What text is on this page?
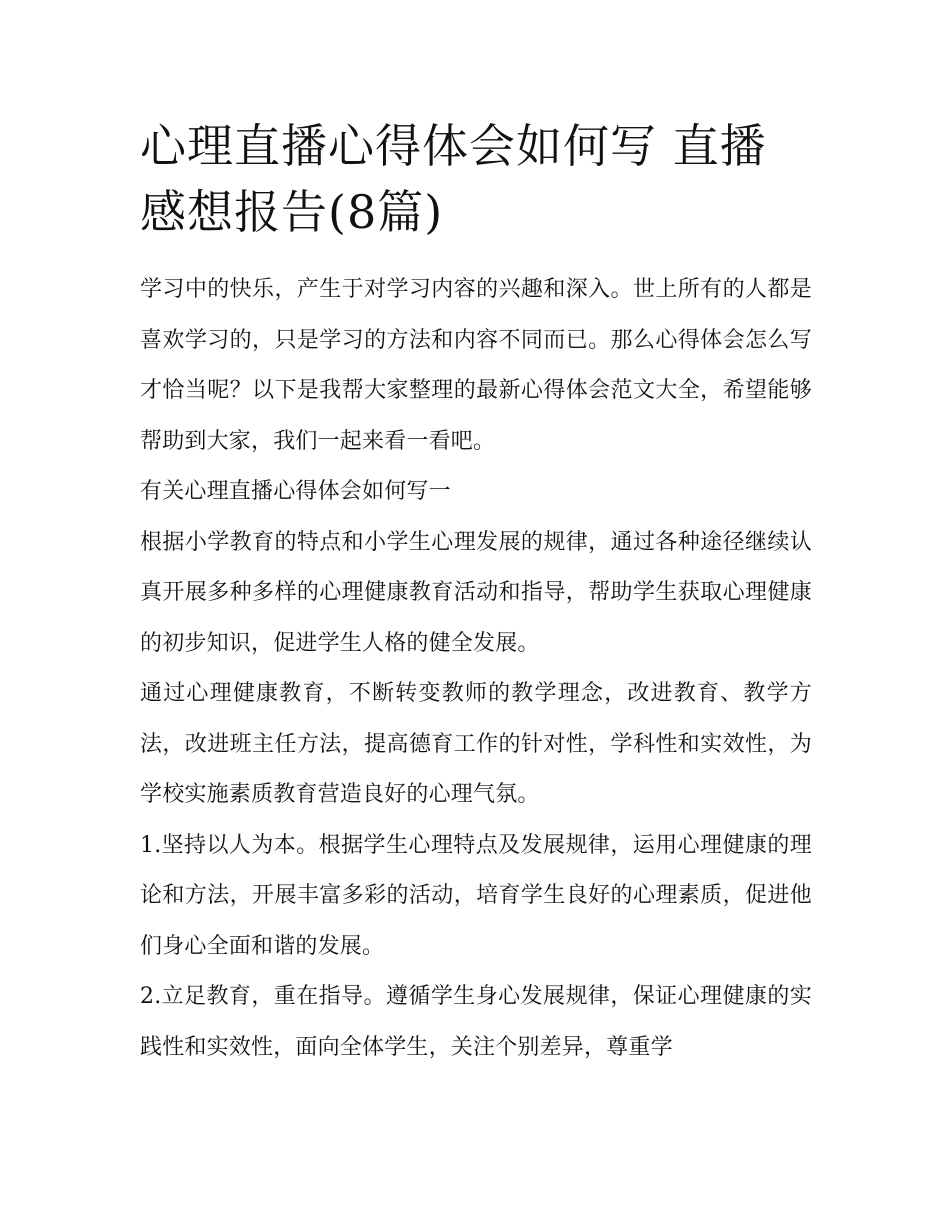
心理直播心得体会如何写 直播感想报告(8篇)

学习中的快乐，产生于对学习内容的兴趣和深入。世上所有的人都是喜欢学习的，只是学习的方法和内容不同而已。那么心得体会怎么写才恰当呢？以下是我帮大家整理的最新心得体会范文大全，希望能够帮助到大家，我们一起来看一看吧。

有关心理直播心得体会如何写一

根据小学教育的特点和小学生心理发展的规律，通过各种途径继续认真开展多种多样的心理健康教育活动和指导，帮助学生获取心理健康的初步知识，促进学生人格的健全发展。

通过心理健康教育，不断转变教师的教学理念，改进教育、教学方法，改进班主任方法，提高德育工作的针对性，学科性和实效性，为学校实施素质教育营造良好的心理气氛。

1.坚持以人为本。根据学生心理特点及发展规律，运用心理健康的理论和方法，开展丰富多彩的活动，培育学生良好的心理素质，促进他们身心全面和谐的发展。

2.立足教育，重在指导。遵循学生身心发展规律，保证心理健康的实践性和实效性，面向全体学生，关注个别差异，尊重学
